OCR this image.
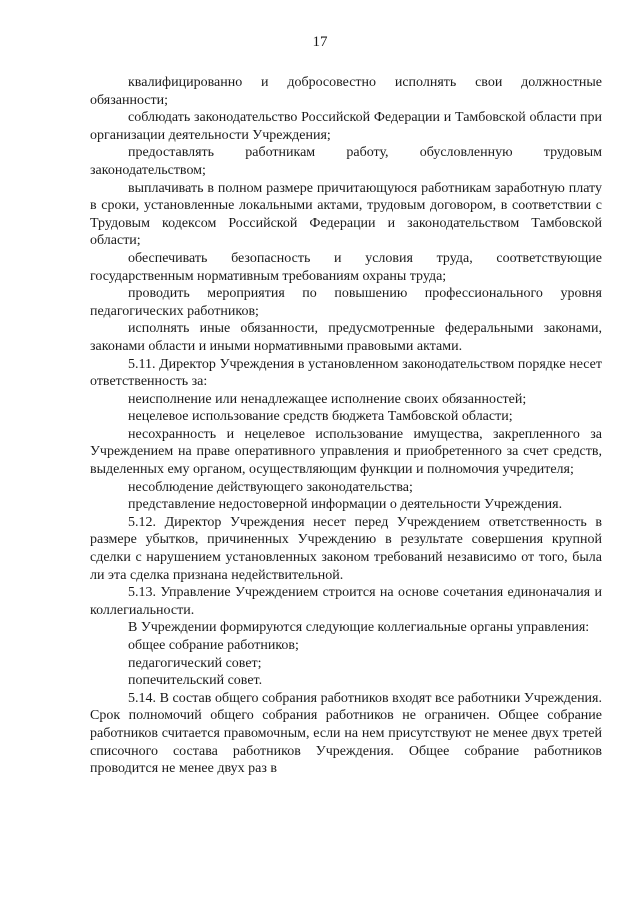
17

квалифицированно и добросовестно исполнять свои должностные обязанности;

соблюдать законодательство Российской Федерации и Тамбовской области при организации деятельности Учреждения;

предоставлять работникам работу, обусловленную трудовым законодательством;

выплачивать в полном размере причитающуюся работникам заработную плату в сроки, установленные локальными актами, трудовым договором, в соответствии с Трудовым кодексом Российской Федерации и законодательством Тамбовской области;

обеспечивать безопасность и условия труда, соответствующие государственным нормативным требованиям охраны труда;

проводить мероприятия по повышению профессионального уровня педагогических работников;

исполнять иные обязанности, предусмотренные федеральными законами, законами области и иными нормативными правовыми актами.

5.11. Директор Учреждения в установленном законодательством порядке несет ответственность за:

неисполнение или ненадлежащее исполнение своих обязанностей;

нецелевое использование средств бюджета Тамбовской области;

несохранность и нецелевое использование имущества, закрепленного за Учреждением на праве оперативного управления и приобретенного за счет средств, выделенных ему органом, осуществляющим функции и полномочия учредителя;

несоблюдение действующего законодательства;

представление недостоверной информации о деятельности Учреждения.

5.12. Директор Учреждения несет перед Учреждением ответственность в размере убытков, причиненных Учреждению в результате совершения крупной сделки с нарушением установленных законом требований независимо от того, была ли эта сделка признана недействительной.

5.13. Управление Учреждением строится на основе сочетания единоначалия и коллегиальности.

В Учреждении формируются следующие коллегиальные органы управления:

общее собрание работников;

педагогический совет;

попечительский совет.

5.14. В состав общего собрания работников входят все работники Учреждения. Срок полномочий общего собрания работников не ограничен. Общее собрание работников считается правомочным, если на нем присутствуют не менее двух третей списочного состава работников Учреждения. Общее собрание работников проводится не менее двух раз в
